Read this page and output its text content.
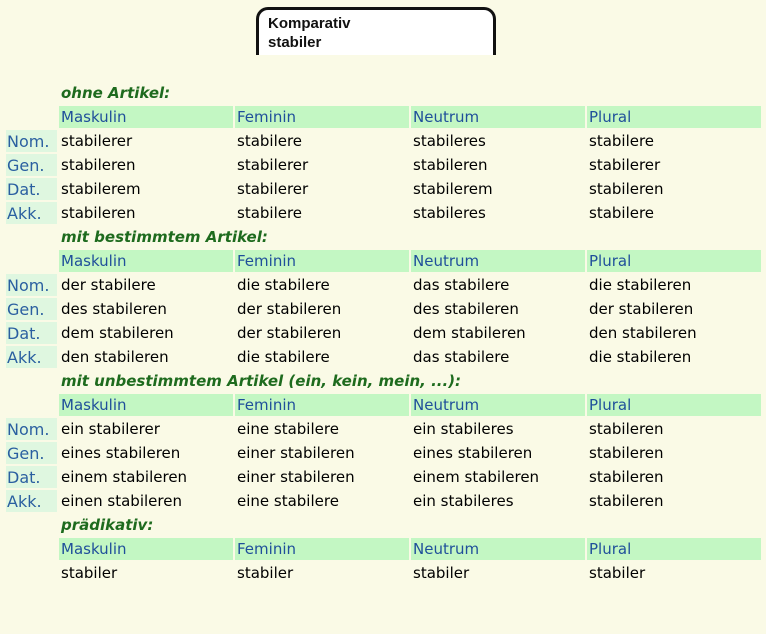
Komparativ
stabiler
	ohne Artikel:			
	Maskulin	Feminin	Neutrum	Plural
Nom.	stabilerer	stabilere	stabileres	stabilere
Gen.	stabileren	stabilerer	stabileren	stabilerer
Dat.	stabilerem	stabilerer	stabilerem	stabileren
Akk.	stabileren	stabilere	stabileres	stabilere
	mit bestimmtem Artikel:			
	Maskulin	Feminin	Neutrum	Plural
Nom.	der stabilere	die stabilere	das stabilere	die stabileren
Gen.	des stabileren	der stabileren	des stabileren	der stabileren
Dat.	dem stabileren	der stabileren	dem stabileren	den stabileren
Akk.	den stabileren	die stabilere	das stabilere	die stabileren
	mit unbestimmtem Artikel (ein, kein, mein, ...):			
	Maskulin	Feminin	Neutrum	Plural
Nom.	ein stabilerer	eine stabilere	ein stabileres	stabileren
Gen.	eines stabileren	einer stabileren	eines stabileren	stabileren
Dat.	einem stabileren	einer stabileren	einem stabileren	stabileren
Akk.	einen stabileren	eine stabilere	ein stabileres	stabileren
	prädikativ:			
	Maskulin	Feminin	Neutrum	Plural
	stabiler	stabiler	stabiler	stabiler
